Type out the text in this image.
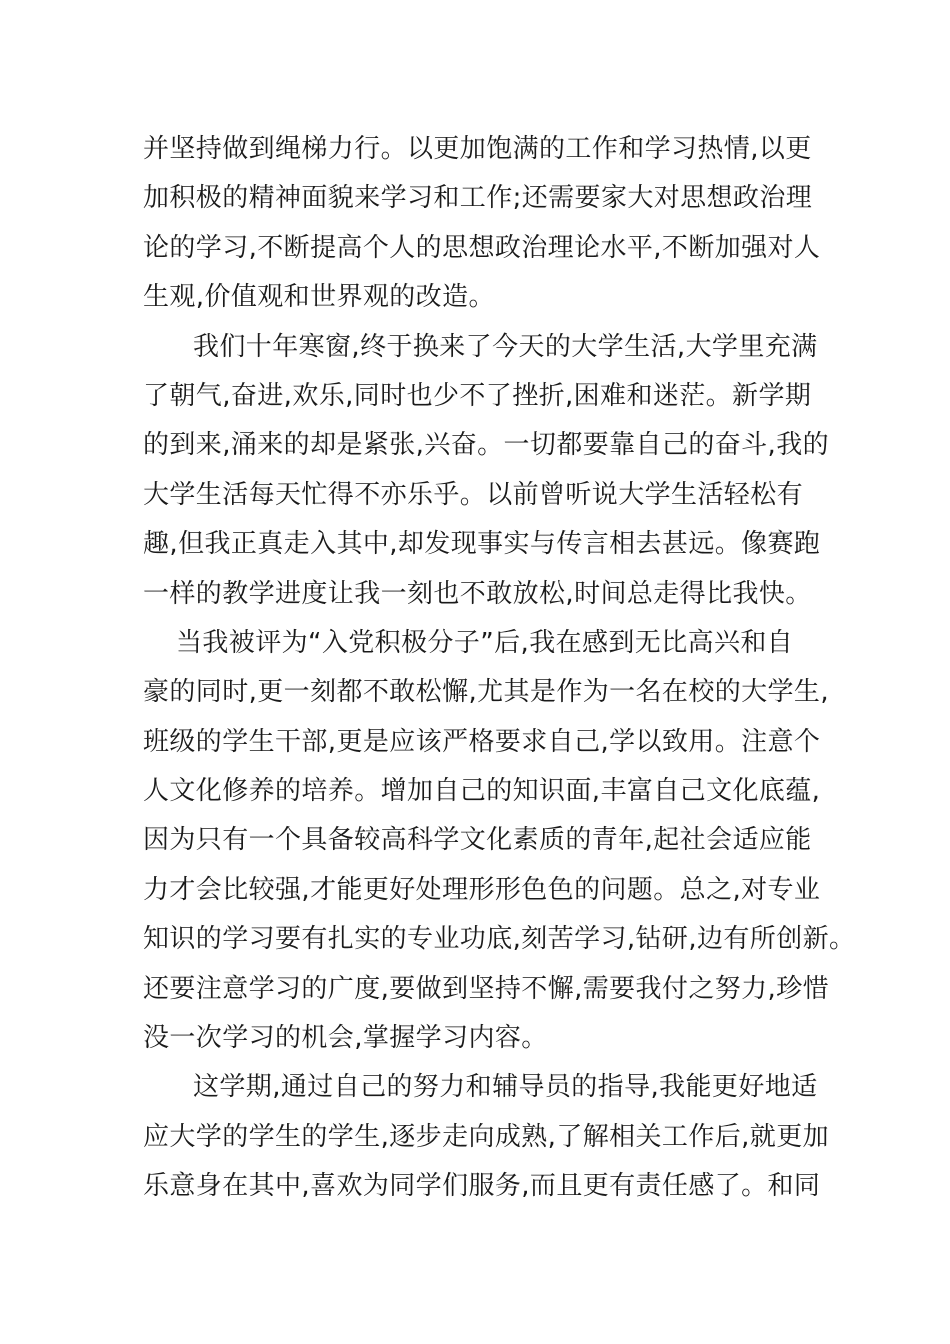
并坚持做到绳梯力行。以更加饱满的工作和学习热情,以更
加积极的精神面貌来学习和工作;还需要家大对思想政治理
论的学习,不断提高个人的思想政治理论水平,不断加强对人
生观,价值观和世界观的改造。
我们十年寒窗,终于换来了今天的大学生活,大学里充满
了朝气,奋进,欢乐,同时也少不了挫折,困难和迷茫。新学期
的到来,涌来的却是紧张,兴奋。一切都要靠自己的奋斗,我的
大学生活每天忙得不亦乐乎。以前曾听说大学生活轻松有
趣,但我正真走入其中,却发现事实与传言相去甚远。像赛跑
一样的教学进度让我一刻也不敢放松,时间总走得比我快。
当我被评为“入党积极分子”后,我在感到无比高兴和自
豪的同时,更一刻都不敢松懈,尤其是作为一名在校的大学生,
班级的学生干部,更是应该严格要求自己,学以致用。注意个
人文化修养的培养。增加自己的知识面,丰富自己文化底蕴,
因为只有一个具备较高科学文化素质的青年,起社会适应能
力才会比较强,才能更好处理形形色色的问题。总之,对专业
知识的学习要有扎实的专业功底,刻苦学习,钻研,边有所创新。
还要注意学习的广度,要做到坚持不懈,需要我付之努力,珍惜
没一次学习的机会,掌握学习内容。
这学期,通过自己的努力和辅导员的指导,我能更好地适
应大学的学生的学生,逐步走向成熟,了解相关工作后,就更加
乐意身在其中,喜欢为同学们服务,而且更有责任感了。和同
